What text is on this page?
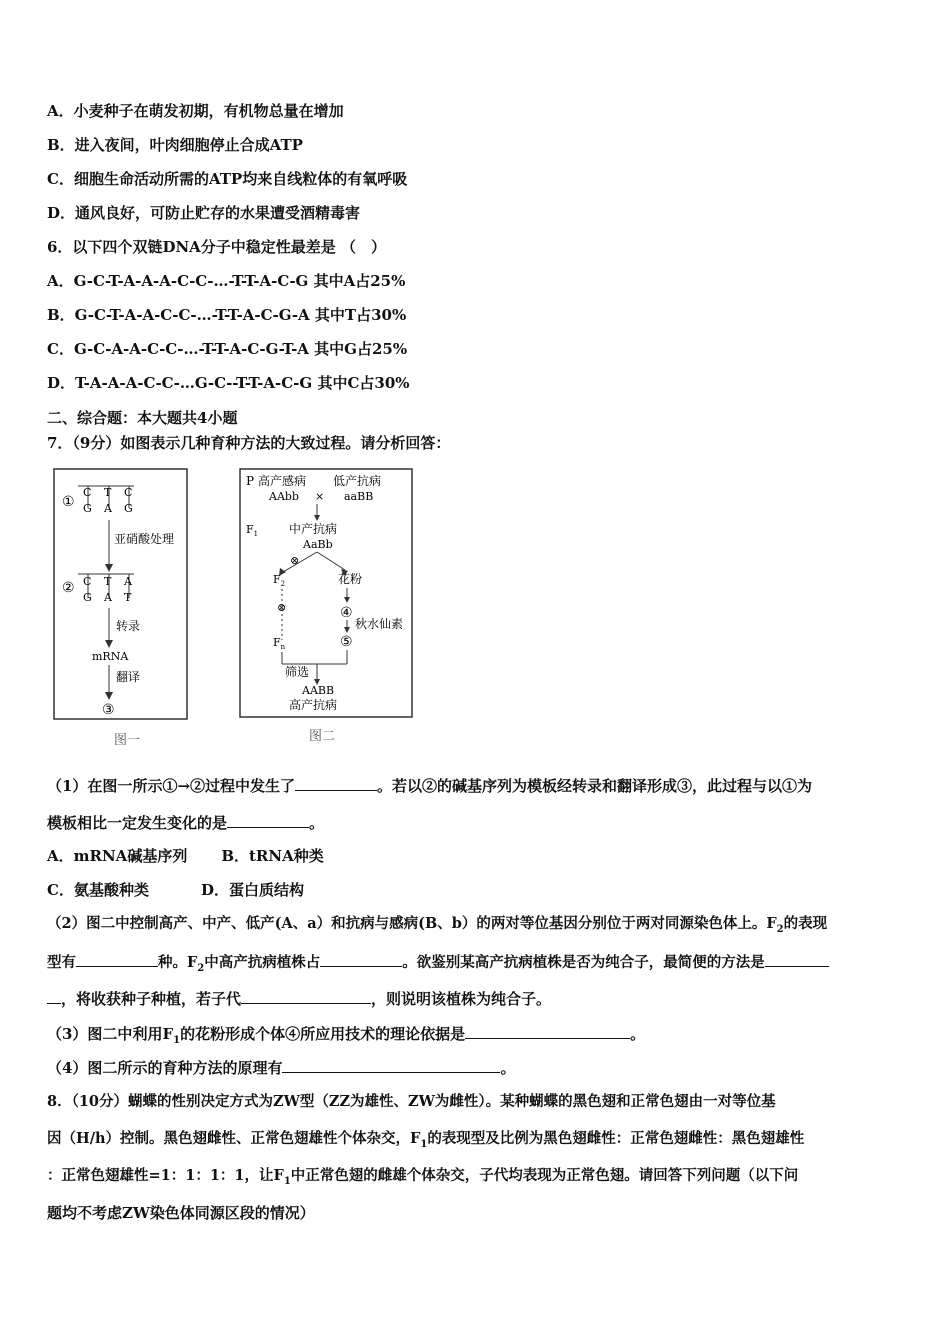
A．小麦种子在萌发初期，有机物总量在增加
B．进入夜间，叶肉细胞停止合成ATP
C．细胞生命活动所需的ATP均来自线粒体的有氧呼吸
D．通风良好，可防止贮存的水果遭受酒精毒害
6．以下四个双链DNA分子中稳定性最差是 （　）
A．G-C-T-A-A-A-C-C-…-T-T-A-C-G 其中A占25%
B．G-C-T-A-A-C-C-…-T-T-A-C-G-A 其中T占30%
C．G-C-A-A-C-C-…-T-T-A-C-G-T-A 其中G占25%
D．T-A-A-A-C-C-…G-C--T-T-A-C-G 其中C占30%
二、综合题：本大题共4小题
7．（9分）如图表示几种育种方法的大致过程。请分析回答：
①
C T C
G A G
亚硝酸处理
② C T A
G A T
转录
mRNA
翻译
③
图一
P 高产感病 低产抗病
AAbb × aaBB
$F_1$	中产抗病
AaBb
⊗
$F_2$	花粉
⊗	④
秋水仙素
⑤
$F_n$
筛选
AABB
高产抗病
图二
（1）在图一所示①→②过程中发生了	。若以②的碱基序列为模板经转录和翻译形成③，此过程与以①为
模板相比一定发生变化的是	。
A．mRNA碱基序列 B．tRNA种类
C．氨基酸种类	D．蛋白质结构
（2）图二中控制高产、中产、低产(A、a）和抗病与感病(B、b）的两对等位基因分别位于两对同源染色体上。$F_2$的表现
型有	种。$F_2$中高产抗病植株占	。欲鉴别某高产抗病植株是否为纯合子，最简便的方法是
，将收获种子种植，若子代	，则说明该植株为纯合子。
（3）图二中利用$F_1$的花粉形成个体④所应用技术的理论依据是	。
（4）图二所示的育种方法的原理有	。
8．（10分）蝴蝶的性别决定方式为ZW型（ZZ为雄性、ZW为雌性）。某种蝴蝶的黑色翅和正常色翅由一对等位基
因（H/h）控制。黑色翅雌性、正常色翅雄性个体杂交，$F_1$的表现型及比例为黑色翅雌性：正常色翅雌性：黑色翅雄性
：正常色翅雄性=1：1：1：1，让$F_1$中正常色翅的雌雄个体杂交，子代均表现为正常色翅。请回答下列问题（以下问
题均不考虑ZW染色体同源区段的情况）
